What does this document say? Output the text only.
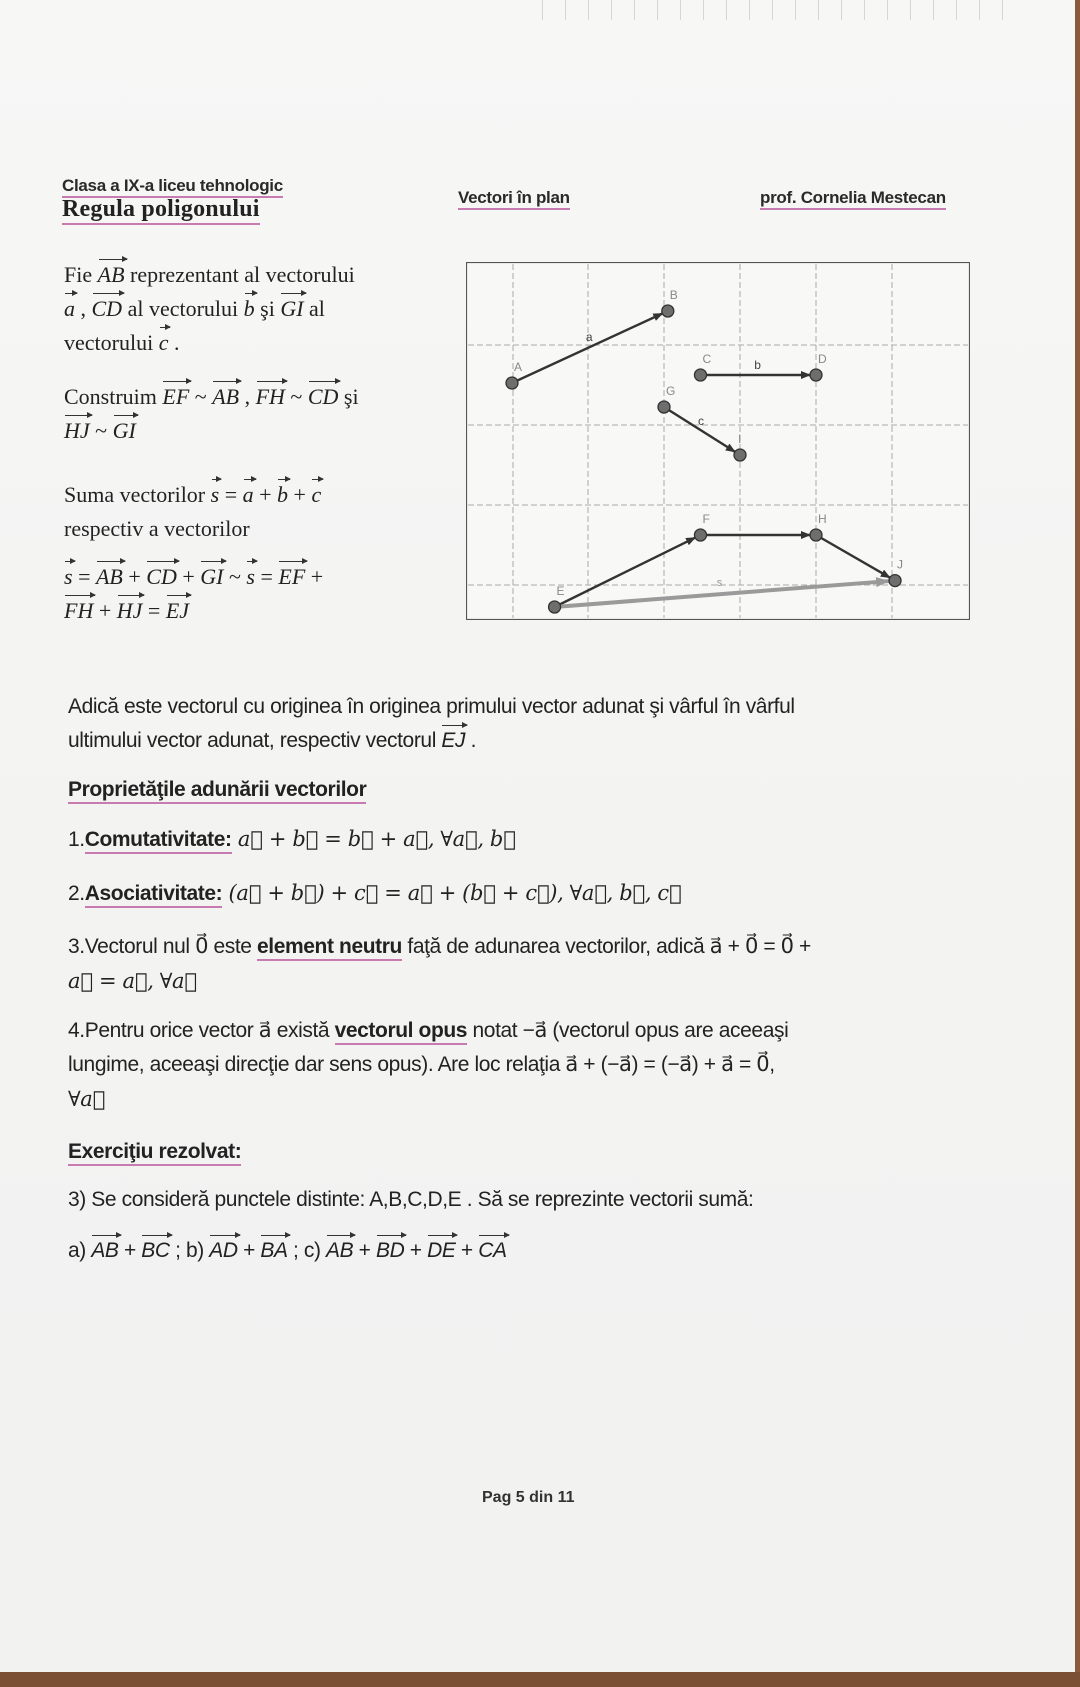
Clasa a IX-a liceu tehnologic
Vectori în plan	prof. Cornelia Mestecan
Regula poligonului
Fie AB reprezentant al vectorului
a , CD al vectorului b şi GI al
vectorului c .
Construim EF ~ AB , FH ~ CD şi
HJ ~ GI
Suma vectorilor s = a + b + c
respectiv a vectorilor
s = AB + CD + GI ~ s = EF +
FH + HJ = EJ
a
b
c
s
A
B
C	D
G
I
E
F	H
J
Adică este vectorul cu originea în originea primului vector adunat şi vârful în vârful
ultimului vector adunat, respectiv vectorul EJ .
Proprietăţile adunării vectorilor
1.Comutativitate: a⃗ + b⃗ = b⃗ + a⃗, ∀a⃗, b⃗
2.Asociativitate: (a⃗ + b⃗) + c⃗ = a⃗ + (b⃗ + c⃗), ∀a⃗, b⃗, c⃗
3.Vectorul nul 0⃗ este element neutru faţă de adunarea vectorilor, adică a⃗ + 0⃗ = 0⃗ +
a⃗ = a⃗, ∀a⃗
4.Pentru orice vector a⃗ există vectorul opus notat −a⃗ (vectorul opus are aceeaşi
lungime, aceeaşi direcţie dar sens opus). Are loc relaţia a⃗ + (−a⃗) = (−a⃗) + a⃗ = 0⃗,
∀a⃗
Exerciţiu rezolvat:
3) Se consideră punctele distinte: A,B,C,D,E . Să se reprezinte vectorii sumă:
a) AB + BC ; b) AD + BA ; c) AB + BD + DE + CA
Pag 5 din 11
